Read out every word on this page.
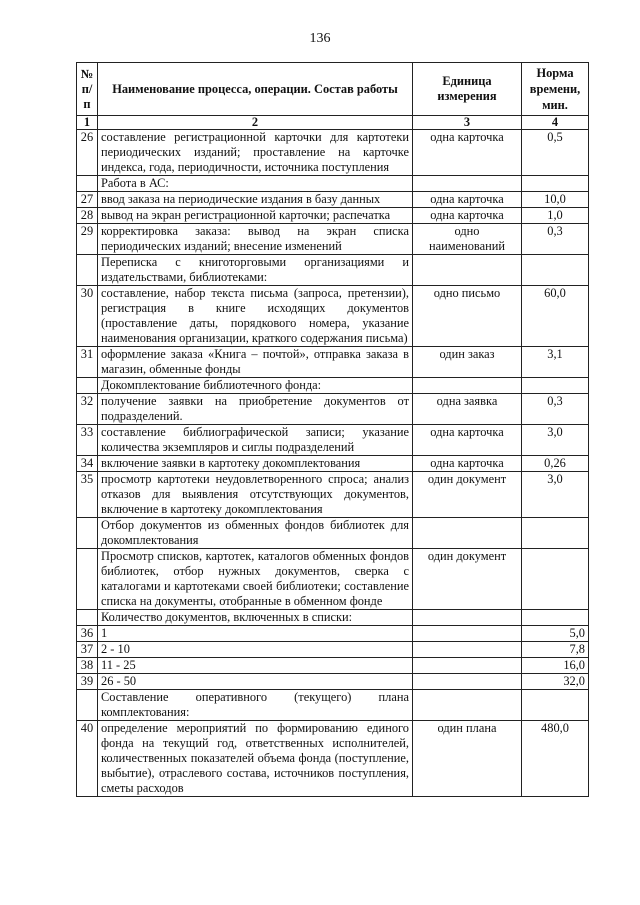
136
№ п/п	Наименование процесса, операции. Состав работы	Единица измерения	Норма времени, мин.
1	2	3	4
26	составление регистрационной карточки для картотеки периодических изданий; проставление на карточке индекса, года, периодичности, источника поступления	одна карточка	0,5
	Работа в АС:		
27	ввод заказа на периодические издания в базу данных	одна карточка	10,0
28	вывод на экран регистрационной карточки; распечатка	одна карточка	1,0
29	корректировка заказа: вывод на экран списка периодических изданий; внесение изменений	одно наименований	0,3
	Переписка с книготорговыми организациями и издательствами, библиотеками:		
30	составление, набор текста письма (запроса, претензии), регистрация в книге исходящих документов (проставление даты, порядкового номера, указание наименования организации, краткого содержания письма)	одно письмо	60,0
31	оформление заказа «Книга – почтой», отправка заказа в магазин, обменные фонды	один заказ	3,1
	Докомплектование библиотечного фонда:		
32	получение заявки на приобретение документов от подразделений.	одна заявка	0,3
33	составление библиографической записи; указание количества экземпляров и сиглы подразделений	одна карточка	3,0
34	включение заявки в картотеку докомплектования	одна карточка	0,26
35	просмотр картотеки неудовлетворенного спроса; анализ отказов для выявления отсутствующих документов, включение в картотеку докомплектования	один документ	3,0
	Отбор документов из обменных фондов библиотек для докомплектования		
	Просмотр списков, картотек, каталогов обменных фондов библиотек, отбор нужных документов, сверка с каталогами и картотеками своей библиотеки; составление списка на документы, отобранные в обменном фонде	один документ	
	Количество документов, включенных в списки:		
36	1		5,0
37	2 - 10		7,8
38	11 - 25		16,0
39	26 - 50		32,0
	Составление оперативного (текущего) плана комплектования:		
40	определение мероприятий по формированию единого фонда на текущий год, ответственных исполнителей, количественных показателей объема фонда (поступление, выбытие), отраслевого состава, источников поступления, сметы расходов	один плана	480,0
